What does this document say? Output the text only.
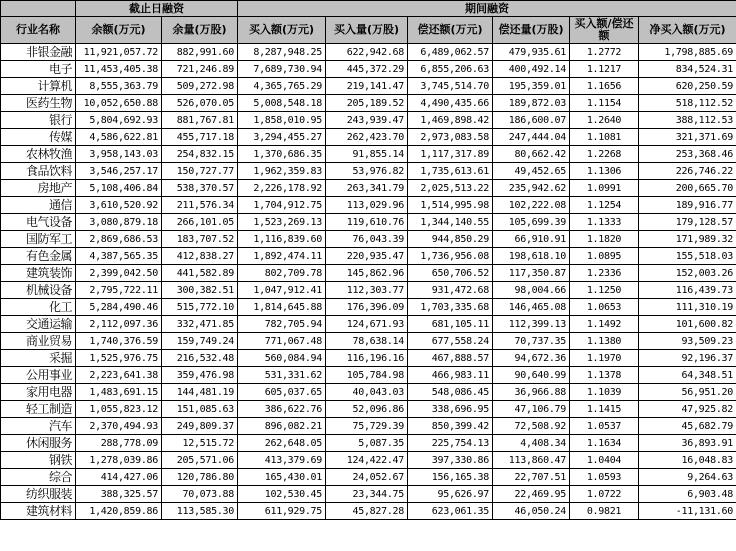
	截止日融资		期间融资					
行业名称	余额(万元)	余量(万股)	买入额(万元)	买入量(万股)	偿还额(万元)	偿还量(万股)	买入额/偿还额	净买入额(万元)
非银金融	11,921,057.72	882,991.60	8,287,948.25	622,942.68	6,489,062.57	479,935.61	1.2772	1,798,885.69
电子	11,453,405.38	721,246.89	7,689,730.94	445,372.29	6,855,206.63	400,492.14	1.1217	834,524.31
计算机	8,555,363.79	509,272.98	4,365,765.29	219,141.47	3,745,514.70	195,359.01	1.1656	620,250.59
医药生物	10,052,650.88	526,070.05	5,008,548.18	205,189.52	4,490,435.66	189,872.03	1.1154	518,112.52
银行	5,804,692.93	881,767.81	1,858,010.95	243,939.47	1,469,898.42	186,600.07	1.2640	388,112.53
传媒	4,586,622.81	455,717.18	3,294,455.27	262,423.70	2,973,083.58	247,444.04	1.1081	321,371.69
农林牧渔	3,958,143.03	254,832.15	1,370,686.35	91,855.14	1,117,317.89	80,662.42	1.2268	253,368.46
食品饮料	3,546,257.17	150,727.77	1,962,359.83	53,976.82	1,735,613.61	49,452.65	1.1306	226,746.22
房地产	5,108,406.84	538,370.57	2,226,178.92	263,341.79	2,025,513.22	235,942.62	1.0991	200,665.70
通信	3,610,520.92	211,576.34	1,704,912.75	113,029.96	1,514,995.98	102,222.08	1.1254	189,916.77
电气设备	3,080,879.18	266,101.05	1,523,269.13	119,610.76	1,344,140.55	105,699.39	1.1333	179,128.57
国防军工	2,869,686.53	183,707.52	1,116,839.60	76,043.39	944,850.29	66,910.91	1.1820	171,989.32
有色金属	4,387,565.35	412,838.27	1,892,474.11	220,935.47	1,736,956.08	198,618.10	1.0895	155,518.03
建筑装饰	2,399,042.50	441,582.89	802,709.78	145,862.96	650,706.52	117,350.87	1.2336	152,003.26
机械设备	2,795,722.11	300,382.51	1,047,912.41	112,303.77	931,472.68	98,004.66	1.1250	116,439.73
化工	5,284,490.46	515,772.10	1,814,645.88	176,396.09	1,703,335.68	146,465.08	1.0653	111,310.19
交通运输	2,112,097.36	332,471.85	782,705.94	124,671.93	681,105.11	112,399.13	1.1492	101,600.82
商业贸易	1,740,376.59	159,749.24	771,067.48	78,638.14	677,558.24	70,737.35	1.1380	93,509.23
采掘	1,525,976.75	216,532.48	560,084.94	116,196.16	467,888.57	94,672.36	1.1970	92,196.37
公用事业	2,223,641.38	359,476.98	531,331.62	105,784.98	466,983.11	90,640.99	1.1378	64,348.51
家用电器	1,483,691.15	144,481.19	605,037.65	40,043.03	548,086.45	36,966.88	1.1039	56,951.20
轻工制造	1,055,823.12	151,085.63	386,622.76	52,096.86	338,696.95	47,106.79	1.1415	47,925.82
汽车	2,370,494.93	249,809.37	896,082.21	75,729.39	850,399.42	72,508.92	1.0537	45,682.79
休闲服务	288,778.09	12,515.72	262,648.05	5,087.35	225,754.13	4,408.34	1.1634	36,893.91
钢铁	1,278,039.86	205,571.06	413,379.69	124,422.47	397,330.86	113,860.47	1.0404	16,048.83
综合	414,427.06	120,786.80	165,430.01	24,052.67	156,165.38	22,707.51	1.0593	9,264.63
纺织服装	388,325.57	70,073.88	102,530.45	23,344.75	95,626.97	22,469.95	1.0722	6,903.48
建筑材料	1,420,859.86	113,585.30	611,929.75	45,827.28	623,061.35	46,050.24	0.9821	-11,131.60
